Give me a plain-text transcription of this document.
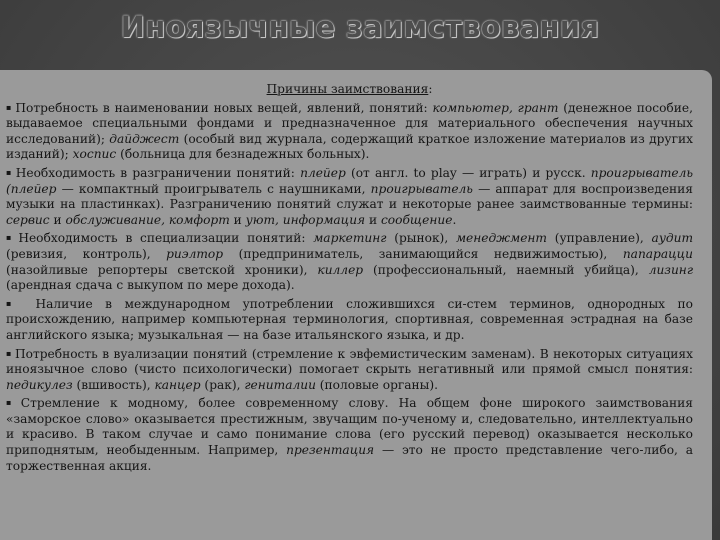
Иноязычные заимствования

Причины заимствования:

▪ Потребность в наименовании новых вещей, явлений, понятий: компьютер, грант (денежное пособие, выдаваемое специальными фондами и предназначенное для материального обеспечения научных исследований); дайджест (особый вид журнала, содержащий краткое изложение материалов из других изданий); хоспис (больница для безнадежных больных).

▪ Необходимость в разграничении понятий: плейер (от англ. to play — играть) и русск. проигрыватель (плейер — компактный проигрыватель с наушниками, проигрыватель — аппарат для воспроизведения музыки на пластинках). Разграничению понятий служат и некоторые ранее заимствованные термины: сервис и обслуживание, комфорт и уют, информация и сообщение.

▪ Необходимость в специализации понятий: маркетинг (рынок), менеджмент (управление), аудит (ревизия, контроль), риэлтор (предприниматель, занимающийся недвижимостью), папарацци (назойливые репортеры светской хроники), киллер (профессиональный, наемный убийца), лизинг (арендная сдача с выкупом по мере дохода).

▪ Наличие в международном употреблении сложившихся си-стем терминов, однородных по происхождению, например компьютерная терминология, спортивная, современная эстрадная на базе английского языка; музыкальная — на базе итальянского языка, и др.

▪ Потребность в вуализации понятий (стремление к эвфемистическим заменам). В некоторых ситуациях иноязычное слово (чисто психологически) помогает скрыть негативный или прямой смысл понятия: педикулез (вшивость), канцер (рак), гениталии (половые органы).

▪ Стремление к модному, более современному слову. На общем фоне широкого заимствования «заморское слово» оказывается престижным, звучащим по-ученому и, следовательно, интеллектуально и красиво. В таком случае и само понимание слова (его русский перевод) оказывается несколько приподнятым, необыденным. Например, презентация — это не просто представление чего-либо, а торжественная акция.
